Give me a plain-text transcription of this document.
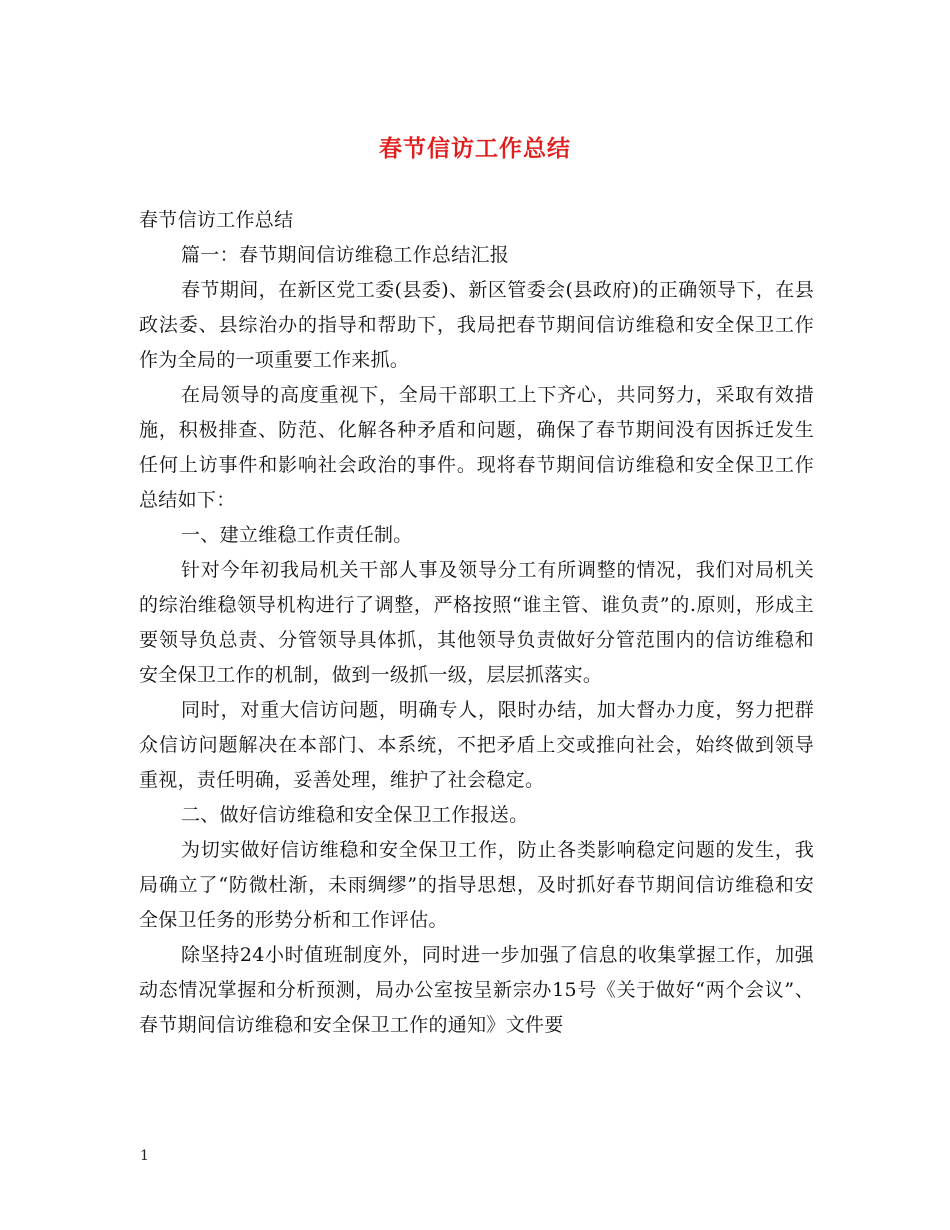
春节信访工作总结

春节信访工作总结

篇一：春节期间信访维稳工作总结汇报

春节期间，在新区党工委(县委)、新区管委会(县政府)的正确领导下，在县政法委、县综治办的指导和帮助下，我局把春节期间信访维稳和安全保卫工作作为全局的一项重要工作来抓。

在局领导的高度重视下，全局干部职工上下齐心，共同努力，采取有效措施，积极排查、防范、化解各种矛盾和问题，确保了春节期间没有因拆迁发生任何上访事件和影响社会政治的事件。现将春节期间信访维稳和安全保卫工作总结如下：

一、建立维稳工作责任制。

针对今年初我局机关干部人事及领导分工有所调整的情况，我们对局机关的综治维稳领导机构进行了调整，严格按照“谁主管、谁负责”的.原则，形成主要领导负总责、分管领导具体抓，其他领导负责做好分管范围内的信访维稳和安全保卫工作的机制，做到一级抓一级，层层抓落实。

同时，对重大信访问题，明确专人，限时办结，加大督办力度，努力把群众信访问题解决在本部门、本系统，不把矛盾上交或推向社会，始终做到领导重视，责任明确，妥善处理，维护了社会稳定。

二、做好信访维稳和安全保卫工作报送。

为切实做好信访维稳和安全保卫工作，防止各类影响稳定问题的发生，我局确立了“防微杜渐，未雨绸缪”的指导思想，及时抓好春节期间信访维稳和安全保卫任务的形势分析和工作评估。

除坚持24小时值班制度外，同时进一步加强了信息的收集掌握工作，加强动态情况掌握和分析预测，局办公室按呈新宗办15号《关于做好“两个会议”、春节期间信访维稳和安全保卫工作的通知》文件要

1
